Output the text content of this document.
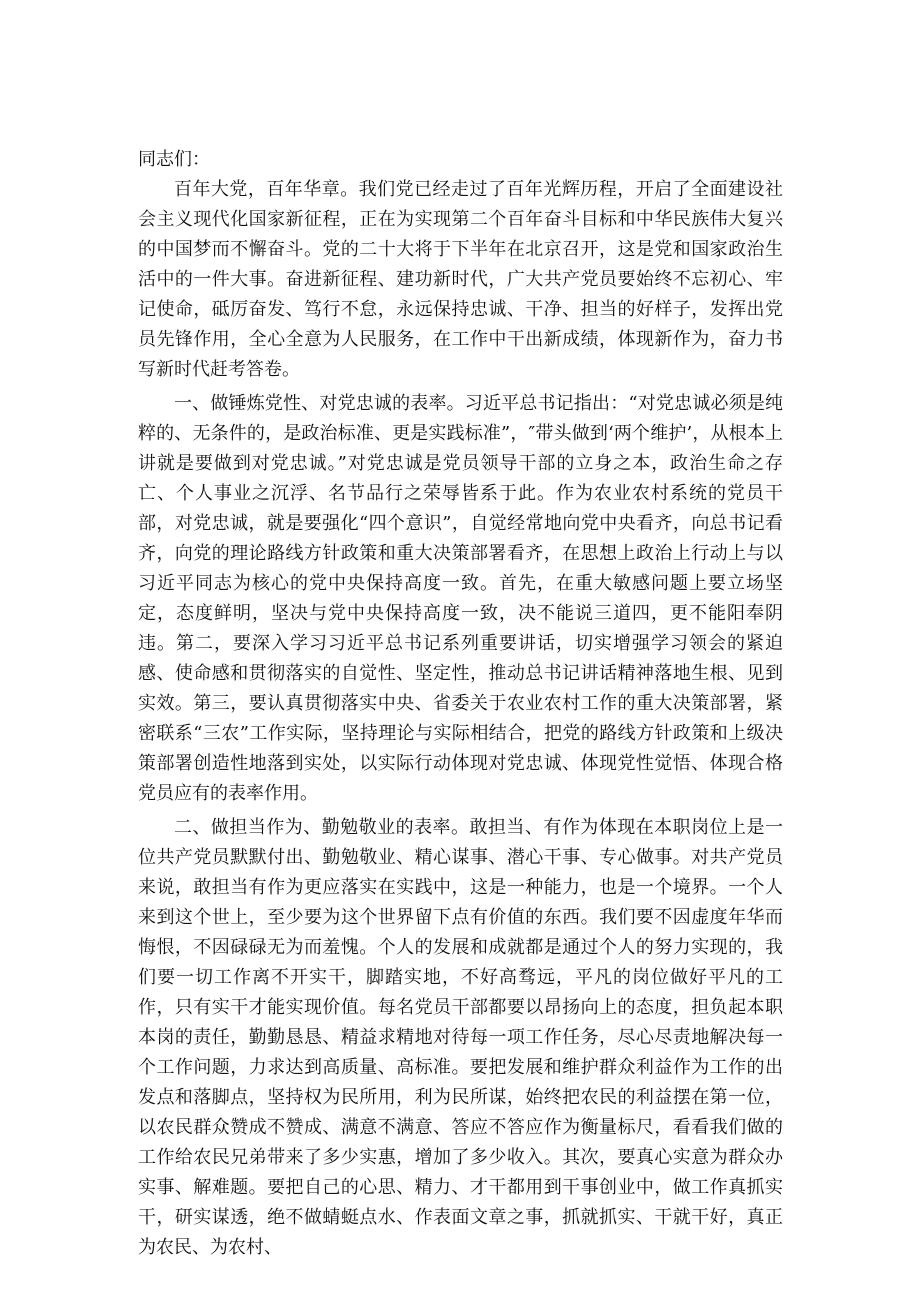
同志们：

百年大党，百年华章。我们党已经走过了百年光辉历程，开启了全面建设社会主义现代化国家新征程，正在为实现第二个百年奋斗目标和中华民族伟大复兴的中国梦而不懈奋斗。党的二十大将于下半年在北京召开，这是党和国家政治生活中的一件大事。奋进新征程、建功新时代，广大共产党员要始终不忘初心、牢记使命，砥厉奋发、笃行不怠，永远保持忠诚、干净、担当的好样子，发挥出党员先锋作用，全心全意为人民服务，在工作中干出新成绩，体现新作为，奋力书写新时代赶考答卷。

一、做锤炼党性、对党忠诚的表率。习近平总书记指出：“对党忠诚必须是纯粹的、无条件的，是政治标准、更是实践标准”，″带头做到‘两个维护’，从根本上讲就是要做到对党忠诚。”对党忠诚是党员领导干部的立身之本，政治生命之存亡、个人事业之沉浮、名节品行之荣辱皆系于此。作为农业农村系统的党员干部，对党忠诚，就是要强化“四个意识”，自觉经常地向党中央看齐，向总书记看齐，向党的理论路线方针政策和重大决策部署看齐，在思想上政治上行动上与以习近平同志为核心的党中央保持高度一致。首先，在重大敏感问题上要立场坚定，态度鲜明，坚决与党中央保持高度一致，决不能说三道四，更不能阳奉阴违。第二，要深入学习习近平总书记系列重要讲话，切实增强学习领会的紧迫感、使命感和贯彻落实的自觉性、坚定性，推动总书记讲话精神落地生根、见到实效。第三，要认真贯彻落实中央、省委关于农业农村工作的重大决策部署，紧密联系“三农”工作实际，坚持理论与实际相结合，把党的路线方针政策和上级决策部署创造性地落到实处，以实际行动体现对党忠诚、体现党性觉悟、体现合格党员应有的表率作用。

二、做担当作为、勤勉敬业的表率。敢担当、有作为体现在本职岗位上是一位共产党员默默付出、勤勉敬业、精心谋事、潜心干事、专心做事。对共产党员来说，敢担当有作为更应落实在实践中，这是一种能力，也是一个境界。一个人来到这个世上，至少要为这个世界留下点有价值的东西。我们要不因虚度年华而悔恨，不因碌碌无为而羞愧。个人的发展和成就都是通过个人的努力实现的，我们要一切工作离不开实干，脚踏实地，不好高骛远，平凡的岗位做好平凡的工作，只有实干才能实现价值。每名党员干部都要以昂扬向上的态度，担负起本职本岗的责任，勤勤恳恳、精益求精地对待每一项工作任务，尽心尽责地解决每一个工作问题，力求达到高质量、高标准。要把发展和维护群众利益作为工作的出发点和落脚点，坚持权为民所用，利为民所谋，始终把农民的利益摆在第一位，以农民群众赞成不赞成、满意不满意、答应不答应作为衡量标尺，看看我们做的工作给农民兄弟带来了多少实惠，增加了多少收入。其次，要真心实意为群众办实事、解难题。要把自己的心思、精力、才干都用到干事创业中，做工作真抓实干，研实谋透，绝不做蜻蜓点水、作表面文章之事，抓就抓实、干就干好，真正为农民、为农村、
